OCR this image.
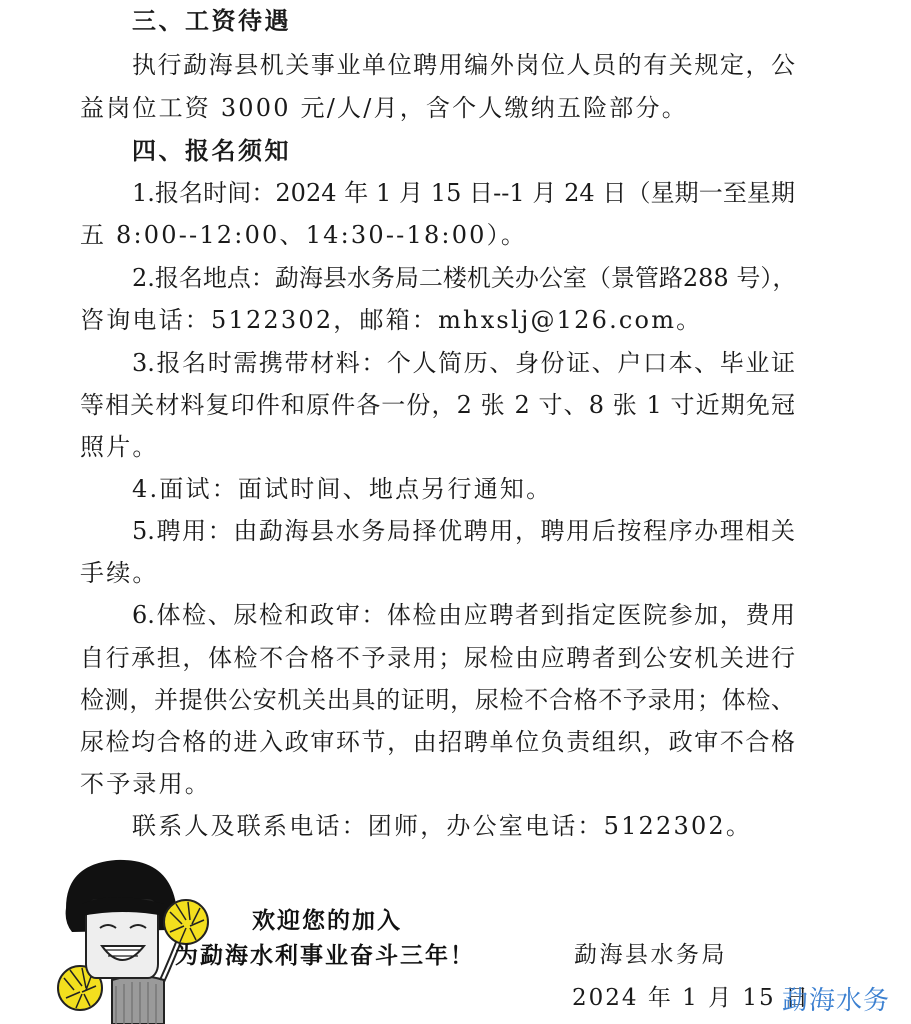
三、工资待遇
执行勐海县机关事业单位聘用编外岗位人员的有关规定，公
益岗位工资 3000 元/人/月，含个人缴纳五险部分。
四、报名须知
1.报名时间：2024 年 1 月 15 日--1 月 24 日（星期一至星期
五 8:00--12:00、14:30--18:00）。
2.报名地点：勐海县水务局二楼机关办公室（景管路288 号），
咨询电话：5122302，邮箱：mhxslj@126.com。
3.报名时需携带材料：个人简历、身份证、户口本、毕业证
等相关材料复印件和原件各一份，2 张 2 寸、8 张 1 寸近期免冠
照片。
4.面试：面试时间、地点另行通知。
5.聘用：由勐海县水务局择优聘用，聘用后按程序办理相关
手续。
6.体检、尿检和政审：体检由应聘者到指定医院参加，费用
自行承担，体检不合格不予录用；尿检由应聘者到公安机关进行
检测，并提供公安机关出具的证明，尿检不合格不予录用；体检、
尿检均合格的进入政审环节，由招聘单位负责组织，政审不合格
不予录用。
联系人及联系电话：团师，办公室电话：5122302。
欢迎您的加入
为勐海水利事业奋斗三年！	勐海县水务局
2024 年 1 月 15 日
勐海水务
